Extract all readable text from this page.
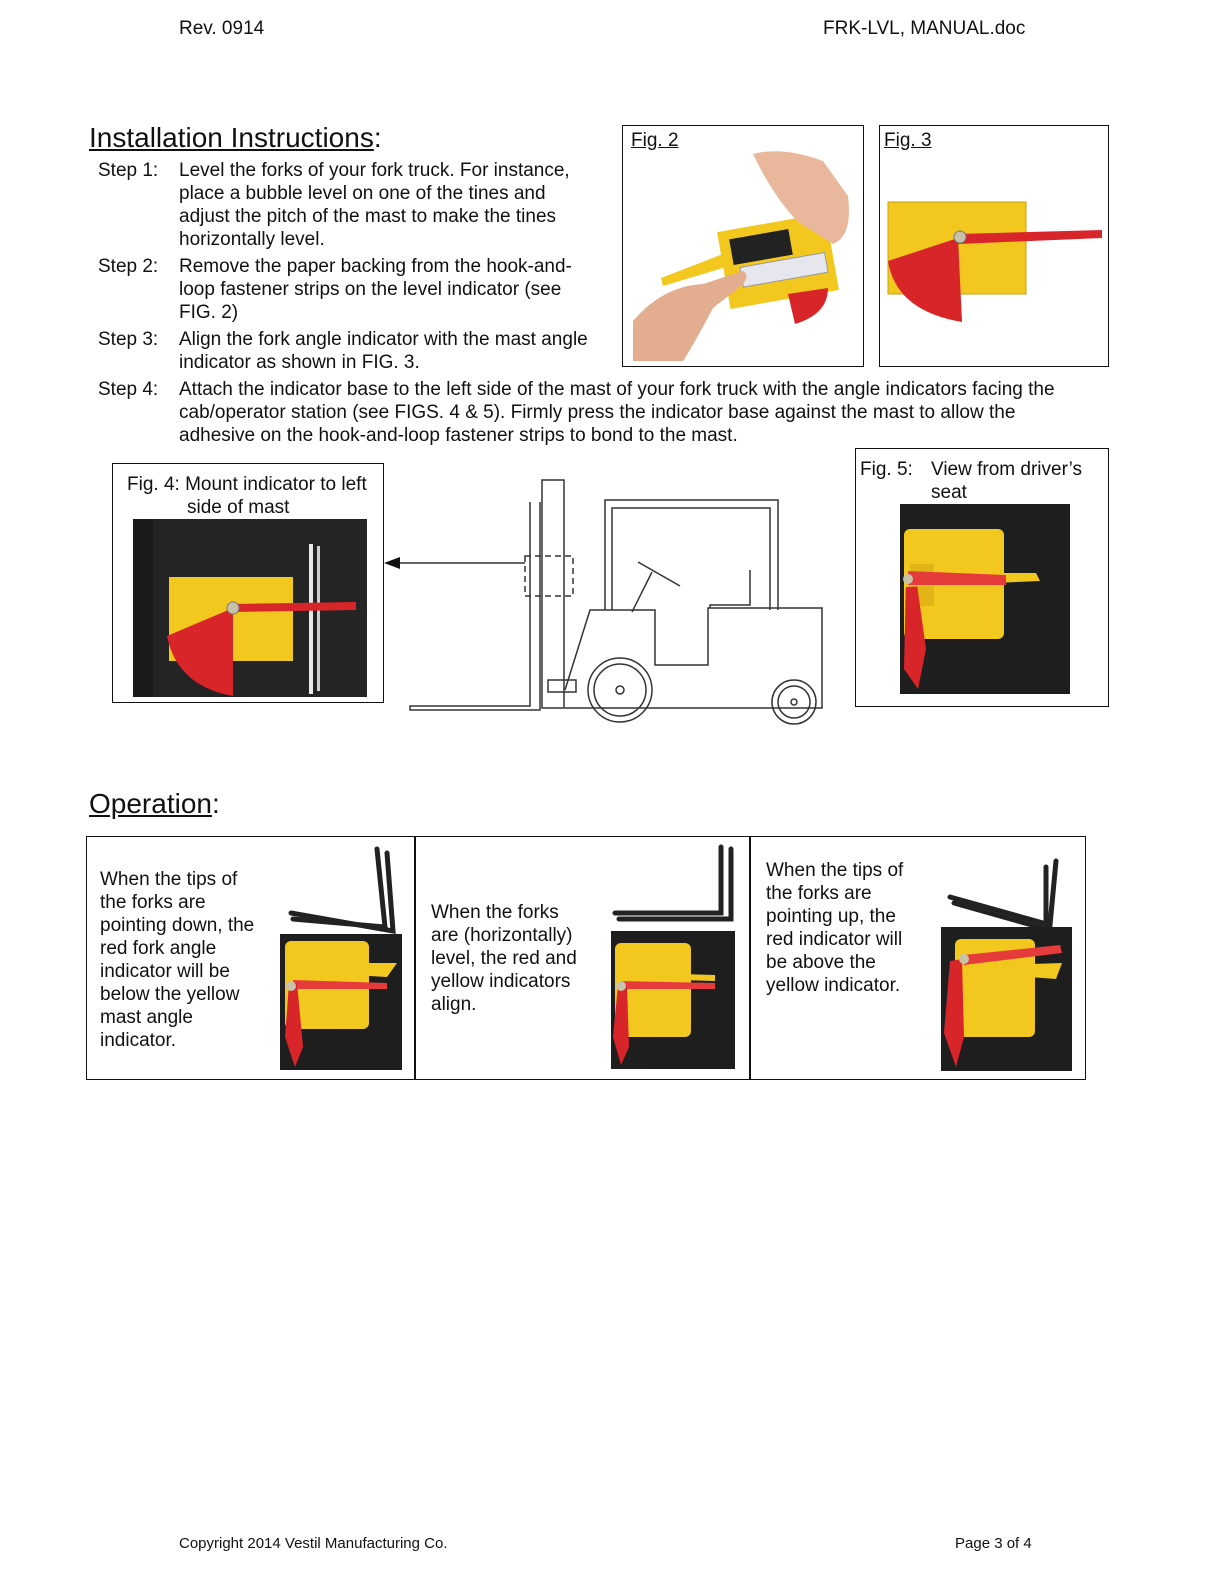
Rev. 0914	FRK-LVL, MANUAL.doc
Installation Instructions:
Step 1: Level the forks of your fork truck. For instance,
place a bubble level on one of the tines and
adjust the pitch of the mast to make the tines
horizontally level.
Step 2: Remove the paper backing from the hook-and-
loop fastener strips on the level indicator (see
FIG. 2)
Step 3: Align the fork angle indicator with the mast angle
indicator as shown in FIG. 3.
Step 4: Attach the indicator base to the left side of the mast of your fork truck with the angle indicators facing the
cab/operator station (see FIGS. 4 & 5). Firmly press the indicator base against the mast to allow the
adhesive on the hook-and-loop fastener strips to bond to the mast.
Fig. 2	Fig. 3
Fig. 4: Mount indicator to left
side of mast
Fig. 5: View from driver’s
seat
Operation:
When the tips of
the forks are
pointing down, the
red fork angle
indicator will be
below the yellow
mast angle
indicator.
When the forks
are (horizontally)
level, the red and
yellow indicators
align.
When the tips of
the forks are
pointing up, the
red indicator will
be above the
yellow indicator.
Copyright 2014 Vestil Manufacturing Co.	Page 3 of 4
